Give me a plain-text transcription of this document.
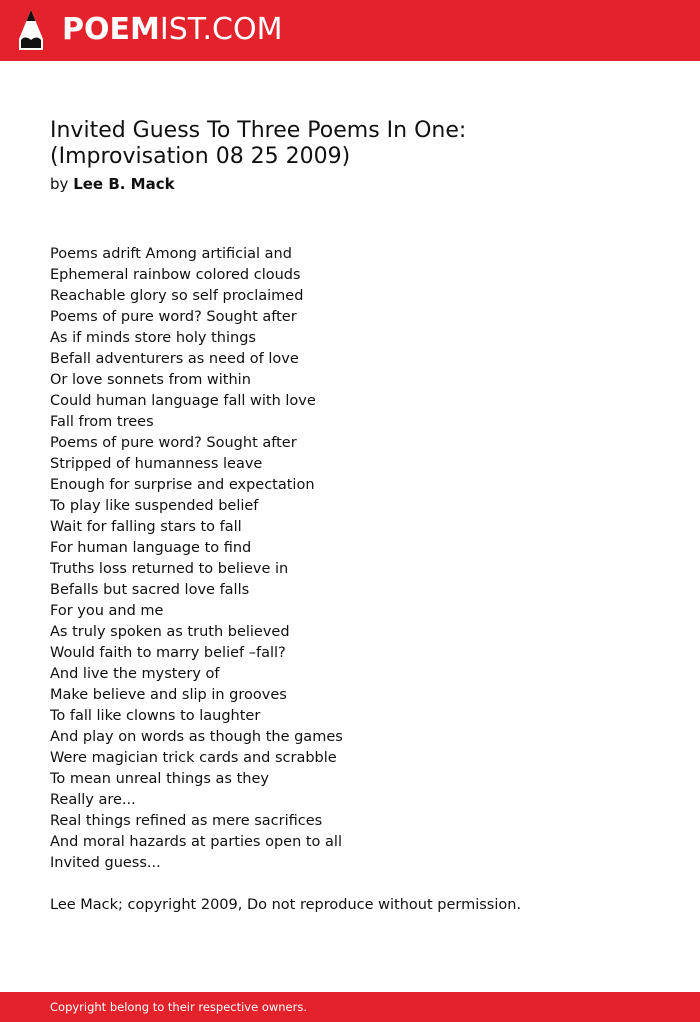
POEMIST.COM
Invited Guess To Three Poems In One:
(Improvisation 08 25 2009)
by Lee B. Mack
Poems adrift Among artificial and
Ephemeral rainbow colored clouds
Reachable glory so self proclaimed
Poems of pure word? Sought after
As if minds store holy things
Befall adventurers as need of love
Or love sonnets from within
Could human language fall with love
Fall from trees
Poems of pure word? Sought after
Stripped of humanness leave
Enough for surprise and expectation
To play like suspended belief
Wait for falling stars to fall
For human language to find
Truths loss returned to believe in
Befalls but sacred love falls
For you and me
As truly spoken as truth believed
Would faith to marry belief –fall?
And live the mystery of
Make believe and slip in grooves
To fall like clowns to laughter
And play on words as though the games
Were magician trick cards and scrabble
To mean unreal things as they
Really are...
Real things refined as mere sacrifices
And moral hazards at parties open to all
Invited guess...
Lee Mack; copyright 2009, Do not reproduce without permission.
Copyright belong to their respective owners.
